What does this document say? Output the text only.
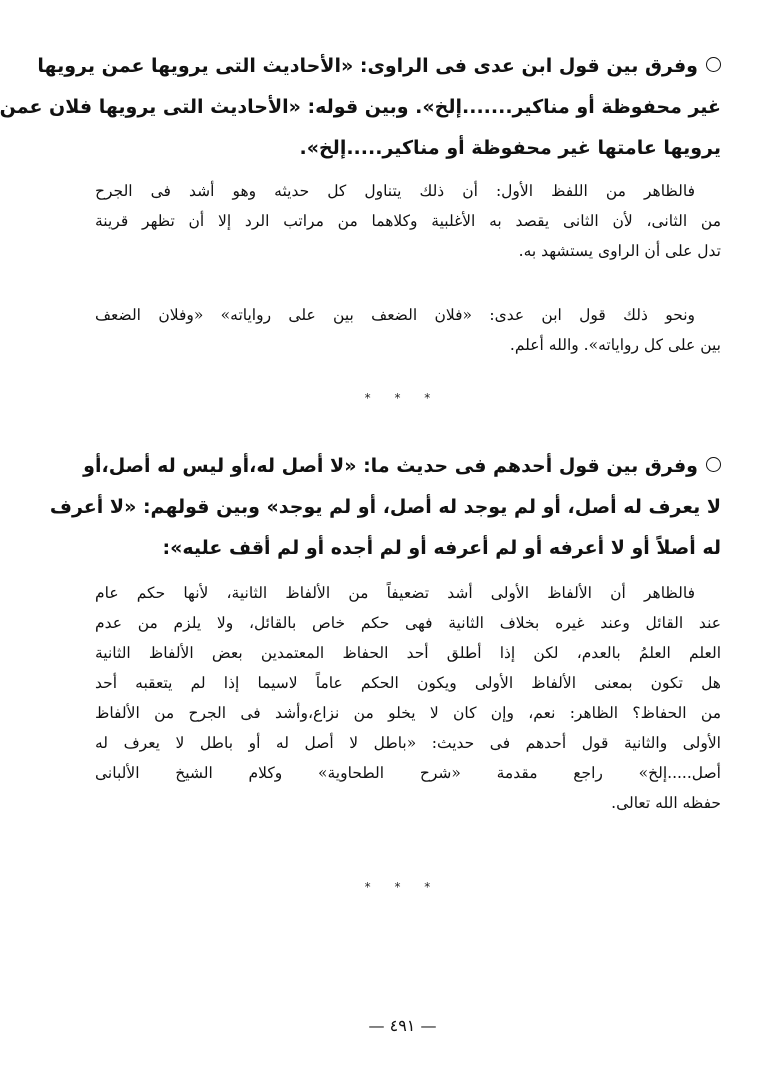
وفرق بين قول ابن عدى فى الراوى: «الأحاديث التى يرويها عمن يرويها
غير محفوظة أو مناكير.......إلخ». وبين قوله: «الأحاديث التى يرويها فلان عمن
يرويها عامتها غير محفوظة أو مناكير.....إلخ».
فالظاهر من اللفظ الأول: أن ذلك يتناول كل حديثه وهو أشد فى الجرح
من الثانى، لأن الثانى يقصد به الأغلبية وكلاهما من مراتب الرد إلا أن تظهر قرينة
تدل على أن الراوى يستشهد به.
ونحو ذلك قول ابن عدى: «فلان الضعف بين على رواياته» «وفلان الضعف
بين على كل رواياته». والله أعلم.
* * *
وفرق بين قول أحدهم فى حديث ما: «لا أصل له،أو ليس له أصل،أو
لا يعرف له أصل، أو لم يوجد له أصل، أو لم يوجد» وبين قولهم: «لا أعرف
له أصلاً أو لا أعرفه أو لم أعرفه أو لم أجده أو لم أقف عليه»:
فالظاهر أن الألفاظ الأولى أشد تضعيفاً من الألفاظ الثانية، لأنها حكم عام
عند القائل وعند غيره بخلاف الثانية فهى حكم خاص بالقائل، ولا يلزم من عدم
العلم العلمُ بالعدم، لكن إذا أطلق أحد الحفاظ المعتمدين بعض الألفاظ الثانية
هل تكون بمعنى الألفاظ الأولى ويكون الحكم عاماً لاسيما إذا لم يتعقبه أحد
من الحفاظ؟ الظاهر: نعم، وإن كان لا يخلو من نزاع،وأشد فى الجرح من الألفاظ
الأولى والثانية قول أحدهم فى حديث: «باطل لا أصل له أو باطل لا يعرف له
أصل.....إلخ» راجع مقدمة «شرح الطحاوية» وكلام الشيخ الألبانى
حفظه الله تعالى.
* * *
— ٤٩١ —
